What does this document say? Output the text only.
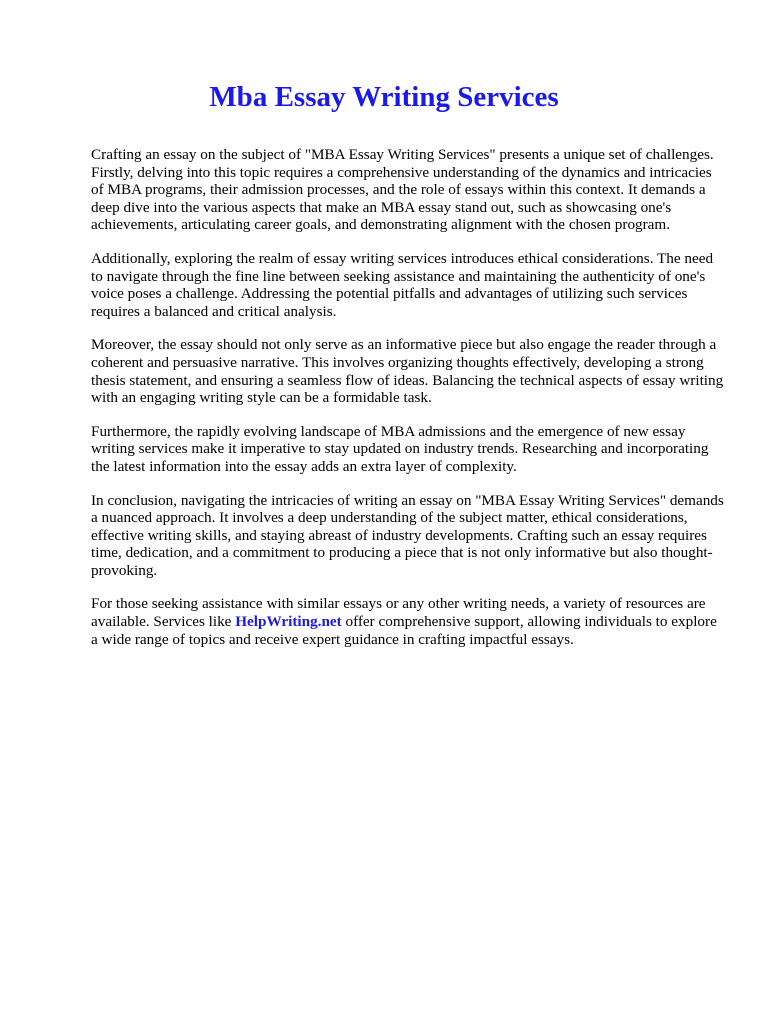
Mba Essay Writing Services

Crafting an essay on the subject of "MBA Essay Writing Services" presents a unique set of challenges. Firstly, delving into this topic requires a comprehensive understanding of the dynamics and intricacies of MBA programs, their admission processes, and the role of essays within this context. It demands a deep dive into the various aspects that make an MBA essay stand out, such as showcasing one's achievements, articulating career goals, and demonstrating alignment with the chosen program.

Additionally, exploring the realm of essay writing services introduces ethical considerations. The need to navigate through the fine line between seeking assistance and maintaining the authenticity of one's voice poses a challenge. Addressing the potential pitfalls and advantages of utilizing such services requires a balanced and critical analysis.

Moreover, the essay should not only serve as an informative piece but also engage the reader through a coherent and persuasive narrative. This involves organizing thoughts effectively, developing a strong thesis statement, and ensuring a seamless flow of ideas. Balancing the technical aspects of essay writing with an engaging writing style can be a formidable task.

Furthermore, the rapidly evolving landscape of MBA admissions and the emergence of new essay writing services make it imperative to stay updated on industry trends. Researching and incorporating the latest information into the essay adds an extra layer of complexity.

In conclusion, navigating the intricacies of writing an essay on "MBA Essay Writing Services" demands a nuanced approach. It involves a deep understanding of the subject matter, ethical considerations, effective writing skills, and staying abreast of industry developments. Crafting such an essay requires time, dedication, and a commitment to producing a piece that is not only informative but also thought-provoking.

For those seeking assistance with similar essays or any other writing needs, a variety of resources are available. Services like HelpWriting.net offer comprehensive support, allowing individuals to explore a wide range of topics and receive expert guidance in crafting impactful essays.
